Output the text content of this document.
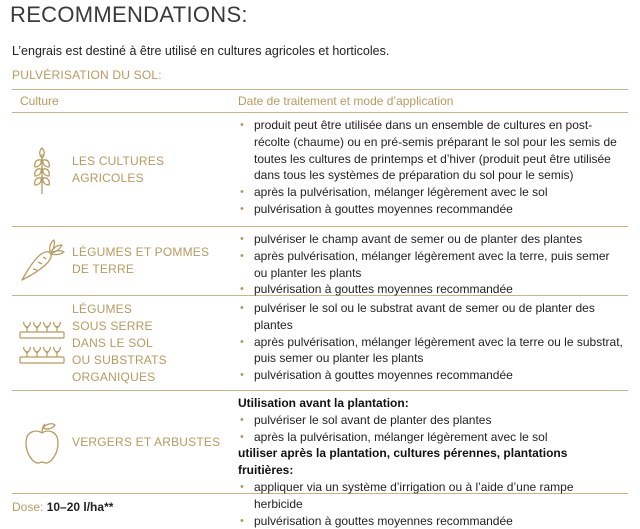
RECOMMENDATIONS:
L’engrais est destiné à être utilisé en cultures agricoles et horticoles.
PULVÉRISATION DU SOL:
Culture	Date de traitement et mode d’application
LES CULTURES
AGRICOLES
• produit peut être utilisée dans un ensemble de cultures en post-récolte (chaume) ou en pré-semis préparant le sol pour les semis de toutes les cultures de printemps et d’hiver (produit peut être utilisée dans tous les systèmes de préparation du sol pour le semis)
• après la pulvérisation, mélanger légèrement avec le sol
• pulvérisation à gouttes moyennes recommandée
LÉGUMES ET POMMES
DE TERRE
• pulvériser le champ avant de semer ou de planter des plantes
• après pulvérisation, mélanger légèrement avec la terre, puis semer ou planter les plants
• pulvérisation à gouttes moyennes recommandée
LÉGUMES
SOUS SERRE
DANS LE SOL
OU SUBSTRATS
ORGANIQUES
• pulvériser le sol ou le substrat avant de semer ou de planter des plantes
• après pulvérisation, mélanger légèrement avec la terre ou le substrat, puis semer ou planter les plants
• pulvérisation à gouttes moyennes recommandée
VERGERS ET ARBUSTES
Utilisation avant la plantation:
• pulvériser le sol avant de planter des plantes
• après la pulvérisation, mélanger légèrement avec le sol
utiliser après la plantation, cultures pérennes, plantations fruitières:
• appliquer via un système d’irrigation ou à l’aide d’une rampe herbicide
• pulvérisation à gouttes moyennes recommandée
Dose: 10–20 l/ha**
